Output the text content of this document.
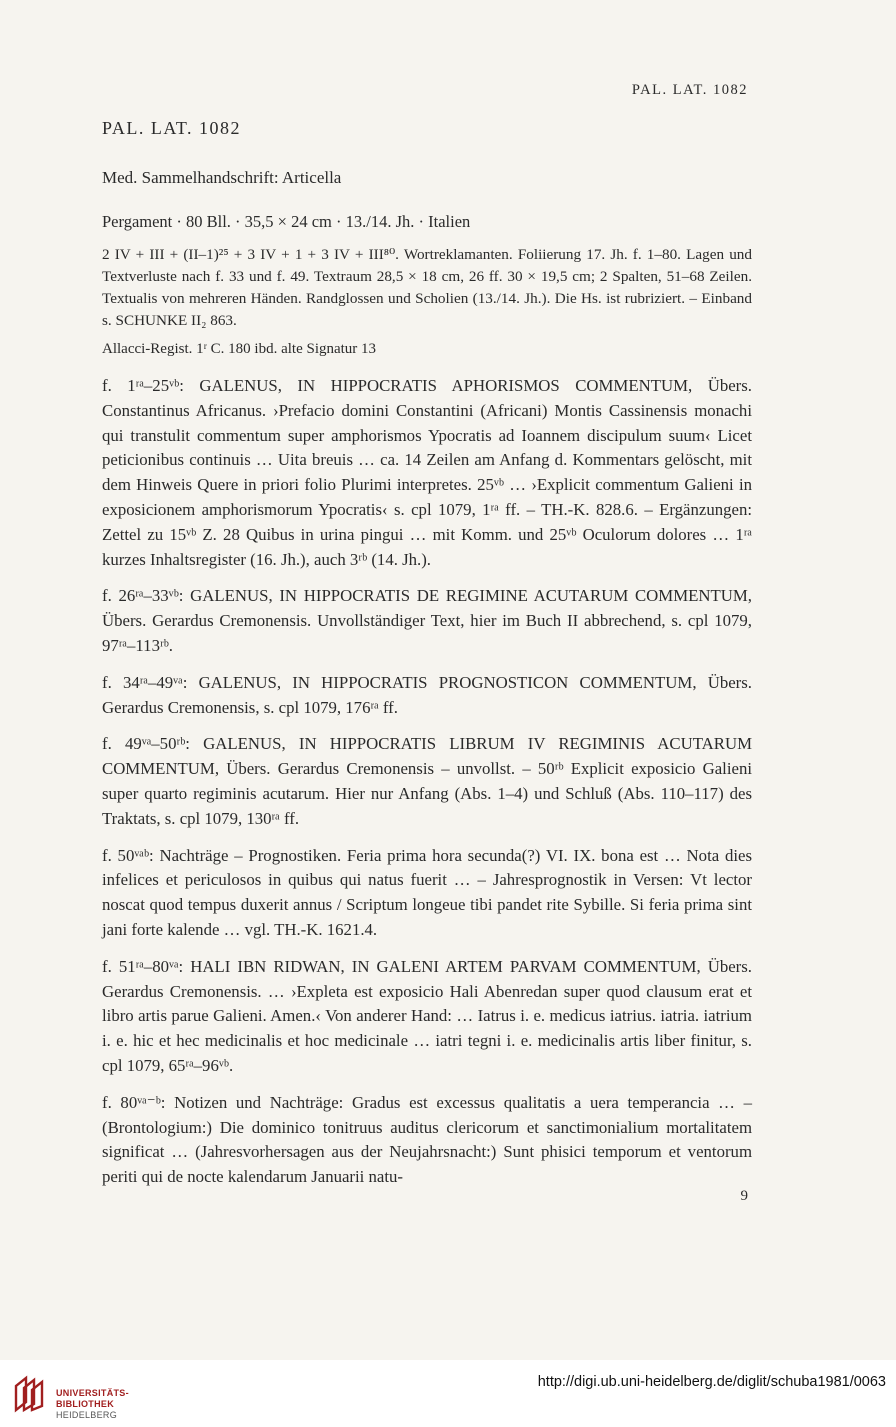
PAL. LAT. 1082
PAL. LAT. 1082
Med. Sammelhandschrift: Articella

Pergament · 80 Bll. · 35,5 × 24 cm · 13./14. Jh. · Italien

2 IV + III + (II–1)²⁵ + 3 IV + 1 + 3 IV + III⁸⁰. Wortreklamanten. Foliierung 17. Jh. f. 1–80. Lagen und Textverluste nach f. 33 und f. 49. Textraum 28,5 × 18 cm, 26 ff. 30 × 19,5 cm; 2 Spalten, 51–68 Zeilen. Textualis von mehreren Händen. Randglossen und Scholien (13./14. Jh.). Die Hs. ist rubriziert. – Einband s. SCHUNKE II₂ 863.

Allacci-Regist. 1ʳ C. 180 ibd. alte Signatur 13

f. 1ʳᵃ–25ᵛᵇ: GALENUS, IN HIPPOCRATIS APHORISMOS COMMENTUM, Übers. Constantinus Africanus. ›Prefacio domini Constantini (Africani) Montis Cassinensis monachi qui transtulit commentum super amphorismos Ypocratis ad Ioannem discipulum suum‹ Licet peticionibus continuis … Uita breuis … ca. 14 Zeilen am Anfang d. Kommentars gelöscht, mit dem Hinweis Quere in priori folio Plurimi interpretes. 25ᵛᵇ … ›Explicit commentum Galieni in exposicionem amphorismorum Ypocratis‹ s. cpl 1079, 1ʳᵃ ff. – TH.-K. 828.6. – Ergänzungen: Zettel zu 15ᵛᵇ Z. 28 Quibus in urina pingui … mit Komm. und 25ᵛᵇ Oculorum dolores … 1ʳᵃ kurzes Inhaltsregister (16. Jh.), auch 3ʳᵇ (14. Jh.).

f. 26ʳᵃ–33ᵛᵇ: GALENUS, IN HIPPOCRATIS DE REGIMINE ACUTARUM COMMENTUM, Übers. Gerardus Cremonensis. Unvollständiger Text, hier im Buch II abbrechend, s. cpl 1079, 97ʳᵃ–113ʳᵇ.

f. 34ʳᵃ–49ᵛᵃ: GALENUS, IN HIPPOCRATIS PROGNOSTICON COMMENTUM, Übers. Gerardus Cremonensis, s. cpl 1079, 176ʳᵃ ff.

f. 49ᵛᵃ–50ʳᵇ: GALENUS, IN HIPPOCRATIS LIBRUM IV REGIMINIS ACUTARUM COMMENTUM, Übers. Gerardus Cremonensis – unvollst. – 50ʳᵇ Explicit exposicio Galieni super quarto regiminis acutarum. Hier nur Anfang (Abs. 1–4) und Schluß (Abs. 110–117) des Traktats, s. cpl 1079, 130ʳᵃ ff.

f. 50ᵛᵃᵇ: Nachträge – Prognostiken. Feria prima hora secunda(?) VI. IX. bona est … Nota dies infelices et periculosos in quibus qui natus fuerit … – Jahresprognostik in Versen: Vt lector noscat quod tempus duxerit annus / Scriptum longeue tibi pandet rite Sybille. Si feria prima sint jani forte kalende … vgl. TH.-K. 1621.4.

f. 51ʳᵃ–80ᵛᵃ: HALI IBN RIDWAN, IN GALENI ARTEM PARVAM COMMENTUM, Übers. Gerardus Cremonensis. … ›Expleta est exposicio Hali Abenredan super quod clausum erat et libro artis parue Galieni. Amen.‹ Von anderer Hand: … Iatrus i. e. medicus iatrius. iatria. iatrium i. e. hic et hec medicinalis et hoc medicinale … iatri tegni i. e. medicinalis artis liber finitur, s. cpl 1079, 65ʳᵃ–96ᵛᵇ.

f. 80ᵛᵃ⁻ᵇ: Notizen und Nachträge: Gradus est excessus qualitatis a uera temperancia … – (Brontologium:) Die dominico tonitruus auditus clericorum et sanctimonialium mortalitatem significat … (Jahresvorhersagen aus der Neujahrsnacht:) Sunt phisici temporum et ventorum periti qui de nocte kalendarum Januarii natu-

9
UNIVERSITÄTS-
BIBLIOTHEK
HEIDELBERG
http://digi.ub.uni-heidelberg.de/diglit/schuba1981/0063
